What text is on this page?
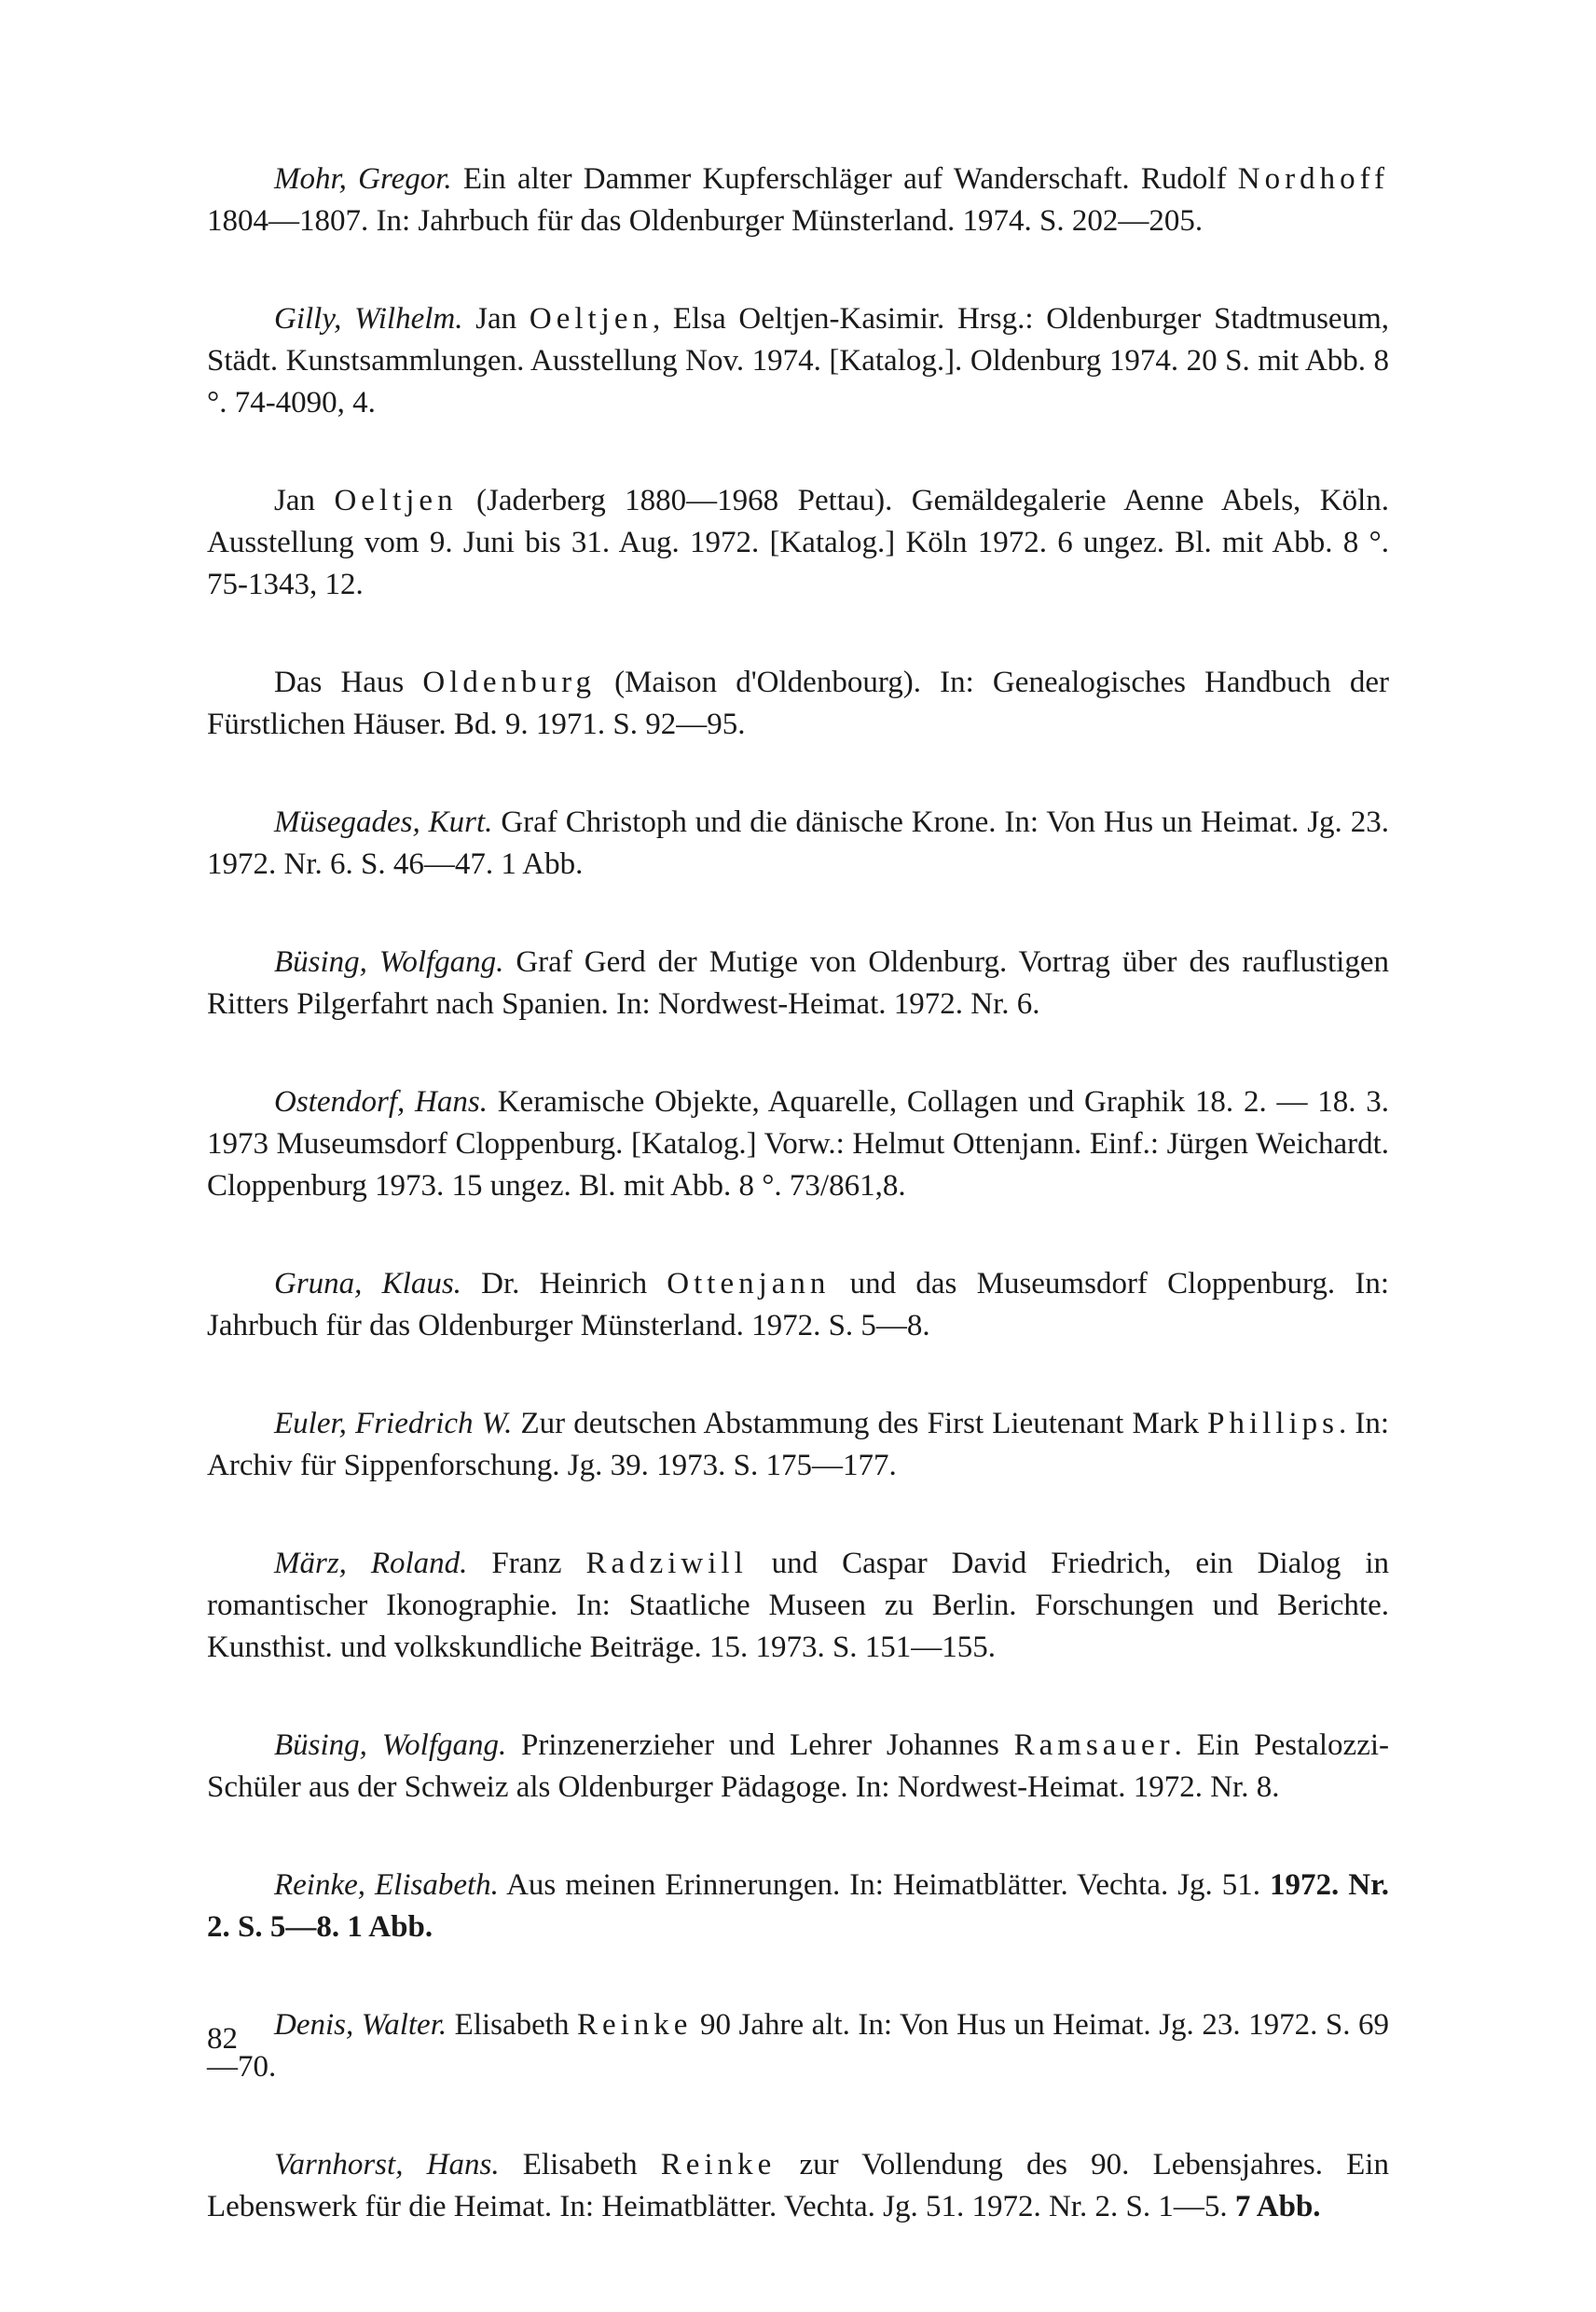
Mohr, Gregor. Ein alter Dammer Kupferschläger auf Wanderschaft. Rudolf Nordhoff 1804—1807. In: Jahrbuch für das Oldenburger Münsterland. 1974. S. 202—205.

Gilly, Wilhelm. Jan Oeltjen, Elsa Oeltjen-Kasimir. Hrsg.: Oldenburger Stadtmuseum, Städt. Kunstsammlungen. Ausstellung Nov. 1974. [Katalog.]. Oldenburg 1974. 20 S. mit Abb. 8 °. 74-4090, 4.

Jan Oeltjen (Jaderberg 1880—1968 Pettau). Gemäldegalerie Aenne Abels, Köln. Ausstellung vom 9. Juni bis 31. Aug. 1972. [Katalog.] Köln 1972. 6 ungez. Bl. mit Abb. 8 °. 75-1343, 12.

Das Haus Oldenburg (Maison d'Oldenbourg). In: Genealogisches Handbuch der Fürstlichen Häuser. Bd. 9. 1971. S. 92—95.

Müsegades, Kurt. Graf Christoph und die dänische Krone. In: Von Hus un Heimat. Jg. 23. 1972. Nr. 6. S. 46—47. 1 Abb.

Büsing, Wolfgang. Graf Gerd der Mutige von Oldenburg. Vortrag über des rauflustigen Ritters Pilgerfahrt nach Spanien. In: Nordwest-Heimat. 1972. Nr. 6.

Ostendorf, Hans. Keramische Objekte, Aquarelle, Collagen und Graphik 18. 2. — 18. 3. 1973 Museumsdorf Cloppenburg. [Katalog.] Vorw.: Helmut Ottenjann. Einf.: Jürgen Weichardt. Cloppenburg 1973. 15 ungez. Bl. mit Abb. 8 °. 73/861,8.

Gruna, Klaus. Dr. Heinrich Ottenjann und das Museumsdorf Cloppenburg. In: Jahrbuch für das Oldenburger Münsterland. 1972. S. 5—8.

Euler, Friedrich W. Zur deutschen Abstammung des First Lieutenant Mark Phillips. In: Archiv für Sippenforschung. Jg. 39. 1973. S. 175—177.

März, Roland. Franz Radziwill und Caspar David Friedrich, ein Dialog in romantischer Ikonographie. In: Staatliche Museen zu Berlin. Forschungen und Berichte. Kunsthist. und volkskundliche Beiträge. 15. 1973. S. 151—155.

Büsing, Wolfgang. Prinzenerzieher und Lehrer Johannes Ramsauer. Ein Pestalozzi-Schüler aus der Schweiz als Oldenburger Pädagoge. In: Nordwest-Heimat. 1972. Nr. 8.

Reinke, Elisabeth. Aus meinen Erinnerungen. In: Heimatblätter. Vechta. Jg. 51. 1972. Nr. 2. S. 5—8. 1 Abb.

Denis, Walter. Elisabeth Reinke 90 Jahre alt. In: Von Hus un Heimat. Jg. 23. 1972. S. 69—70.

Varnhorst, Hans. Elisabeth Reinke zur Vollendung des 90. Lebensjahres. Ein Lebenswerk für die Heimat. In: Heimatblätter. Vechta. Jg. 51. 1972. Nr. 2. S. 1—5. 7 Abb.

82
